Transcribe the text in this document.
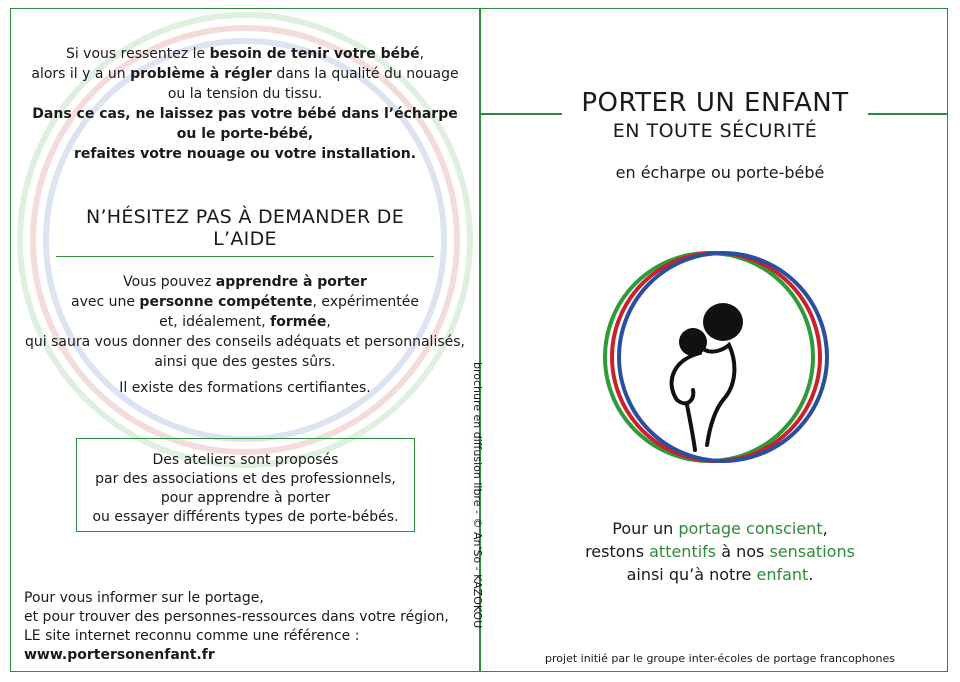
Si vous ressentez le besoin de tenir votre bébé,
alors il y a un problème à régler dans la qualité du nouage
ou la tension du tissu.
Dans ce cas, ne laissez pas votre bébé dans l’écharpe
ou le porte-bébé,
refaites votre nouage ou votre installation.
N’HÉSITEZ PAS À DEMANDER DE L’AIDE

Vous pouvez apprendre à porter

avec une personne compétente, expérimentée

et, idéalement, formée,

qui saura vous donner des conseils adéquats et personnalisés,

ainsi que des gestes sûrs.

Il existe des formations certifiantes.
Des ateliers sont proposés
par des associations et des professionnels,
pour apprendre à porter
ou essayer différents types de porte-bébés.
Pour vous informer sur le portage,
et pour trouver des personnes-ressources dans votre région,
LE site internet reconnu comme une référence :
www.portersonenfant.fr
brochure en diffusion libre - © An'So - KAZOKOU
PORTER UN ENFANT
EN TOUTE SÉCURITÉ
en écharpe ou porte-bébé
Pour un portage conscient,
restons attentifs à nos sensations
ainsi qu’à notre enfant.
projet initié par le groupe inter-écoles de portage francophones
